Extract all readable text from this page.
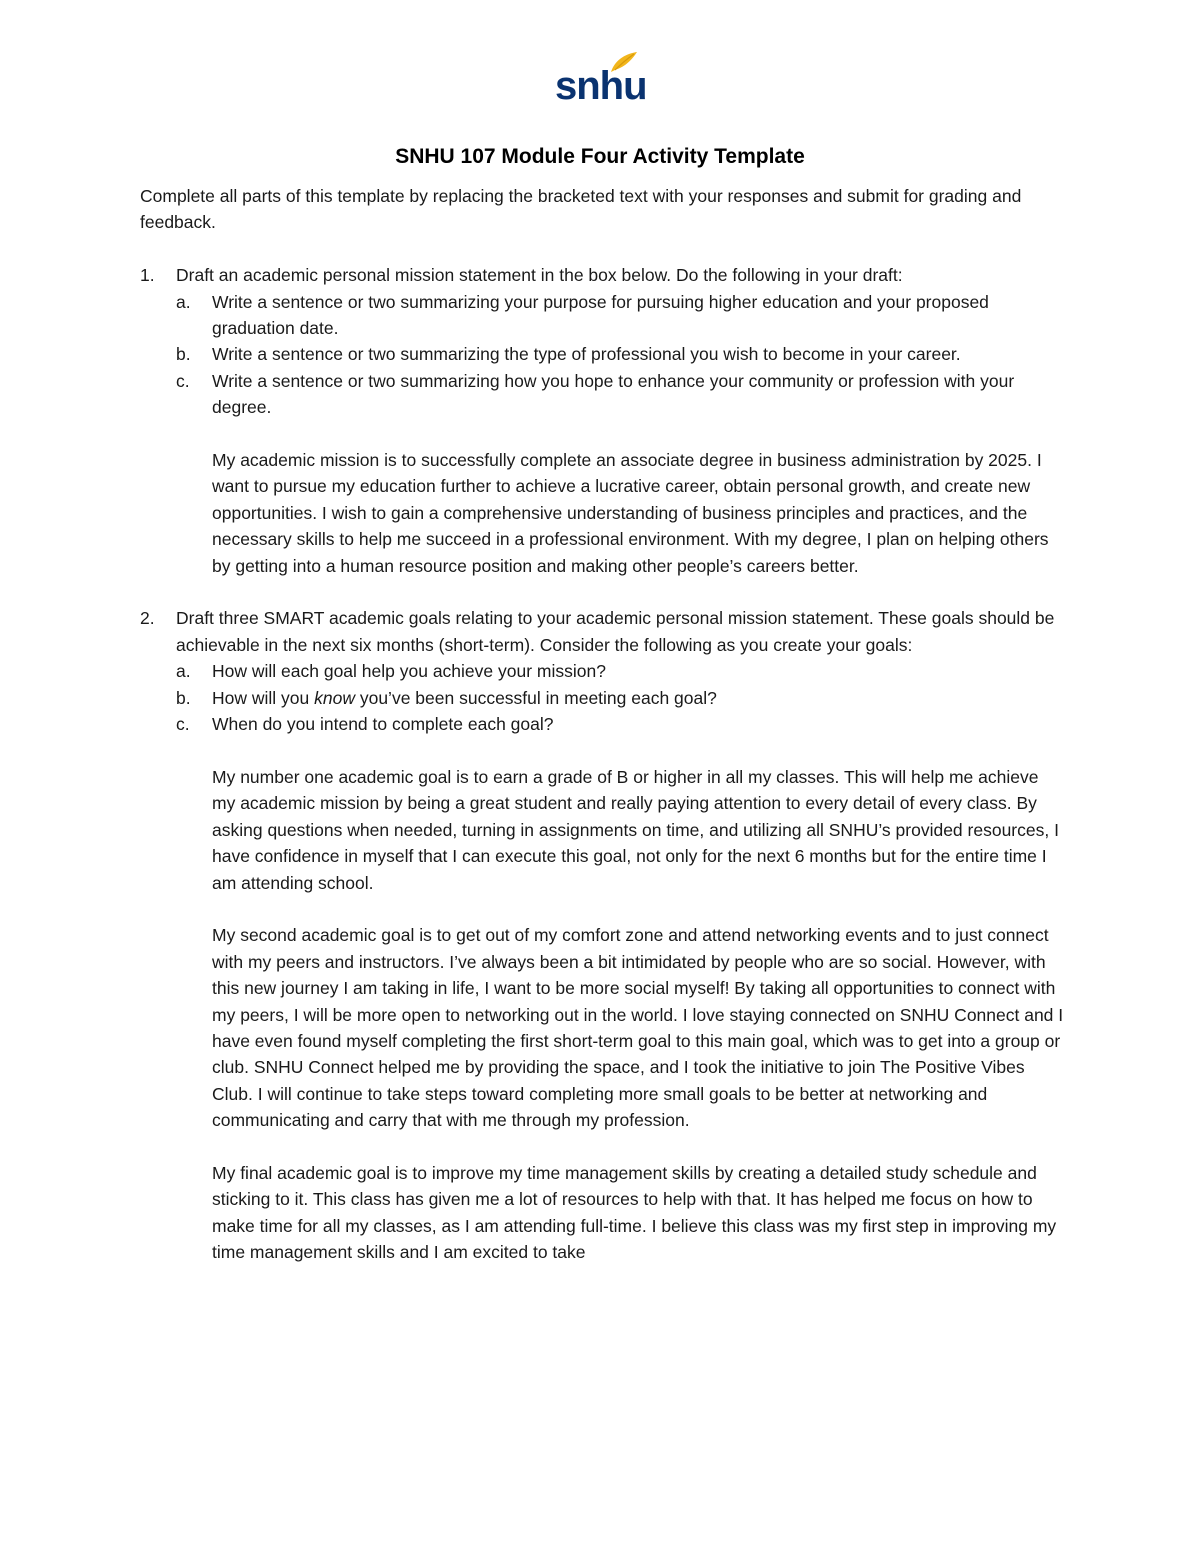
snhu
SNHU 107 Module Four Activity Template

Complete all parts of this template by replacing the bracketed text with your responses and submit for grading and feedback.

1. Draft an academic personal mission statement in the box below. Do the following in your draft:

a. Write a sentence or two summarizing your purpose for pursuing higher education and your proposed graduation date.

b. Write a sentence or two summarizing the type of professional you wish to become in your career.

c. Write a sentence or two summarizing how you hope to enhance your community or profession with your degree.

My academic mission is to successfully complete an associate degree in business administration by 2025. I want to pursue my education further to achieve a lucrative career, obtain personal growth, and create new opportunities. I wish to gain a comprehensive understanding of business principles and practices, and the necessary skills to help me succeed in a professional environment. With my degree, I plan on helping others by getting into a human resource position and making other people’s careers better.

2. Draft three SMART academic goals relating to your academic personal mission statement. These goals should be achievable in the next six months (short-term). Consider the following as you create your goals:

a. How will each goal help you achieve your mission?

b. How will you know you’ve been successful in meeting each goal?

c. When do you intend to complete each goal?

My number one academic goal is to earn a grade of B or higher in all my classes. This will help me achieve my academic mission by being a great student and really paying attention to every detail of every class. By asking questions when needed, turning in assignments on time, and utilizing all SNHU’s provided resources, I have confidence in myself that I can execute this goal, not only for the next 6 months but for the entire time I am attending school.

My second academic goal is to get out of my comfort zone and attend networking events and to just connect with my peers and instructors. I’ve always been a bit intimidated by people who are so social. However, with this new journey I am taking in life, I want to be more social myself! By taking all opportunities to connect with my peers, I will be more open to networking out in the world. I love staying connected on SNHU Connect and I have even found myself completing the first short-term goal to this main goal, which was to get into a group or club. SNHU Connect helped me by providing the space, and I took the initiative to join The Positive Vibes Club. I will continue to take steps toward completing more small goals to be better at networking and communicating and carry that with me through my profession.

My final academic goal is to improve my time management skills by creating a detailed study schedule and sticking to it. This class has given me a lot of resources to help with that. It has helped me focus on how to make time for all my classes, as I am attending full-time. I believe this class was my first step in improving my time management skills and I am excited to take
